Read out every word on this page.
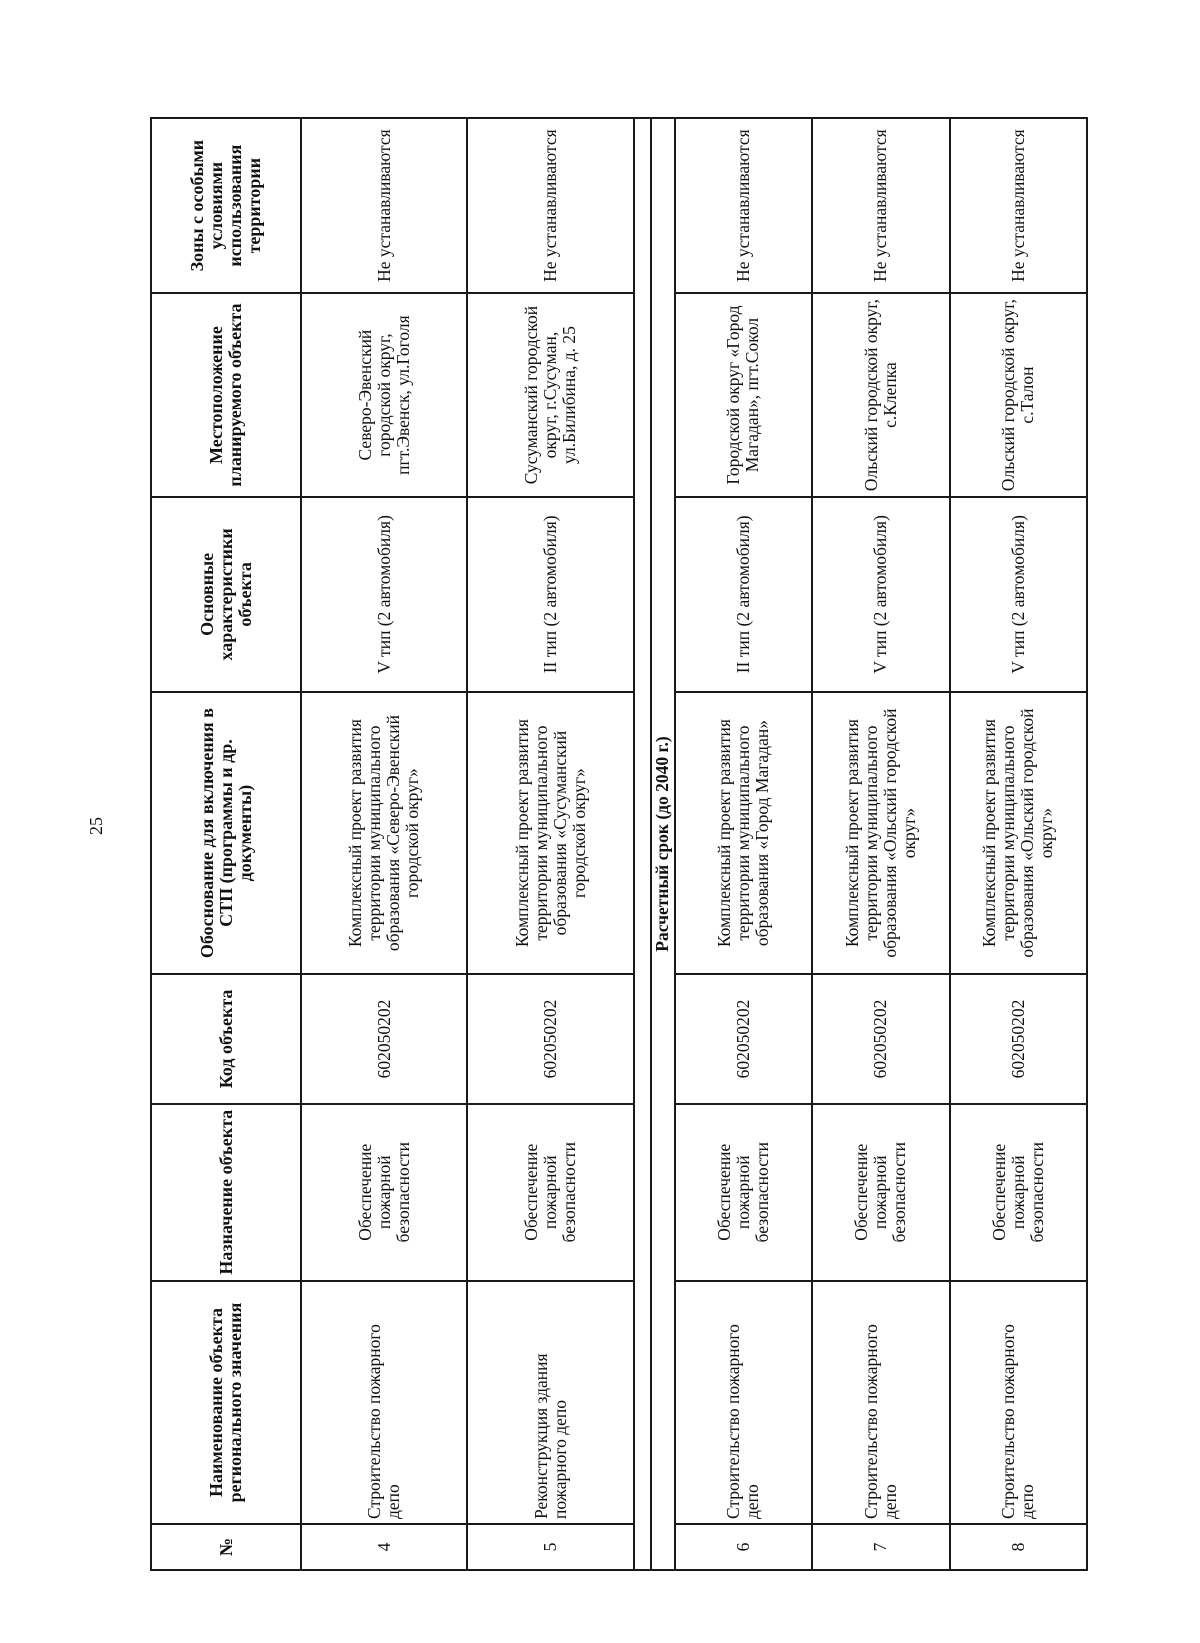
25
№	Наименование объекта регионального значения	Назначение объекта	Код объекта	Обоснование для включения в СТП (программы и др. документы)	Основные характеристики объекта	Местоположение планируемого объекта	Зоны с особыми условиями использования территории
4	Строительство пожарного депо	Обеспечение пожарной безопасности	602050202	Комплексный проект развития территории муниципального образования «Северо-Эвенский городской округ»	V тип (2 автомобиля)	Северо-Эвенский городской округ, пгт.Эвенск, ул.Гоголя	Не устанавливаются
5	Реконструкция здания пожарного депо	Обеспечение пожарной безопасности	602050202	Комплексный проект развития территории муниципального образования «Сусуманский городской округ»	II тип (2 автомобиля)	Сусуманский городской округ, г.Сусуман, ул.Билибина, д. 25	Не устанавливаются

Расчетный срок (до 2040 г.)							
6	Строительство пожарного депо	Обеспечение пожарной безопасности	602050202	Комплексный проект развития территории муниципального образования «Город Магадан»	II тип (2 автомобиля)	Городской округ «Город Магадан», пгт.Сокол	Не устанавливаются
7	Строительство пожарного депо	Обеспечение пожарной безопасности	602050202	Комплексный проект развития территории муниципального образования «Ольский городской округ»	V тип (2 автомобиля)	Ольский городской округ, с.Клепка	Не устанавливаются
8	Строительство пожарного депо	Обеспечение пожарной безопасности	602050202	Комплексный проект развития территории муниципального образования «Ольский городской округ»	V тип (2 автомобиля)	Ольский городской округ, с.Талон	Не устанавливаются
